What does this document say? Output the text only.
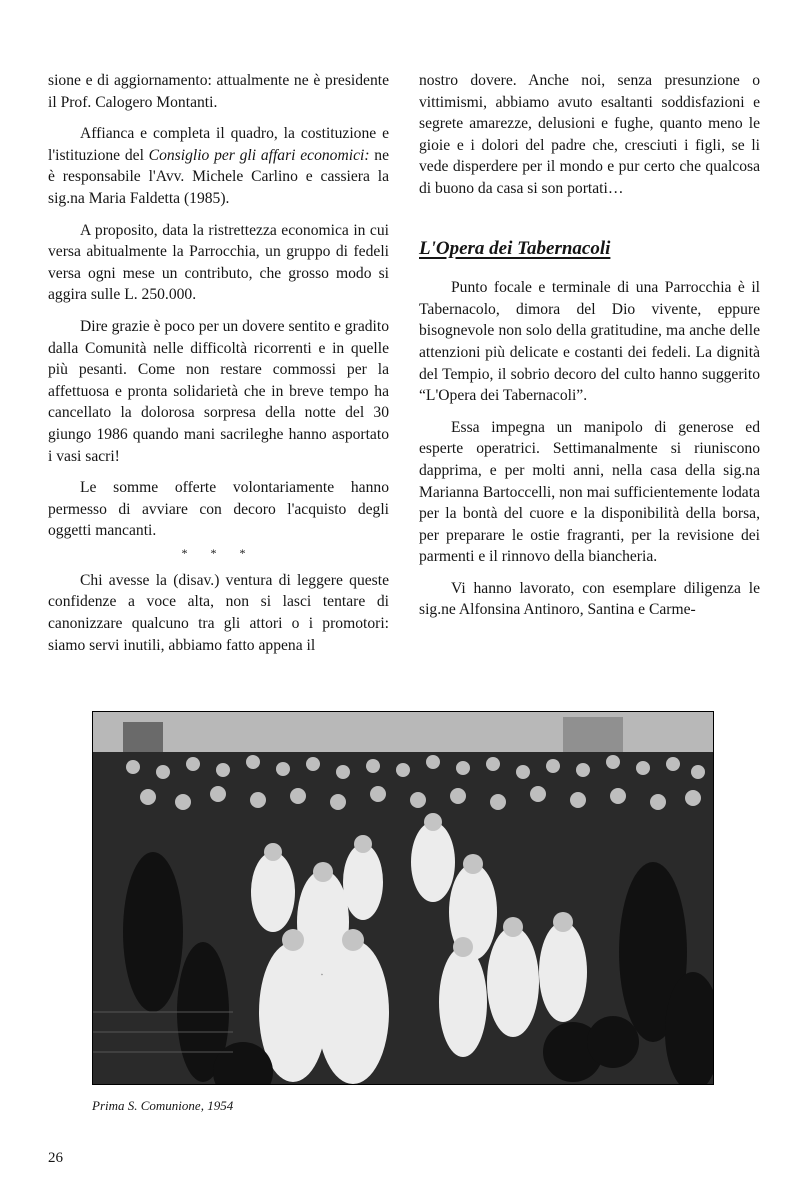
sione e di aggiornamento: attualmente ne è presidente il Prof. Calogero Montanti.

Affianca e completa il quadro, la costituzione e l'istituzione del Consiglio per gli affari economici: ne è responsabile l'Avv. Michele Carlino e cassiera la sig.na Maria Faldetta (1985).

A proposito, data la ristrettezza economica in cui versa abitualmente la Parrocchia, un gruppo di fedeli versa ogni mese un contributo, che grosso modo si aggira sulle L. 250.000.

Dire grazie è poco per un dovere sentito e gradito dalla Comunità nelle difficoltà ricorrenti e in quelle più pesanti. Come non restare commossi per la affettuosa e pronta solidarietà che in breve tempo ha cancellato la dolorosa sorpresa della notte del 30 giungo 1986 quando mani sacrileghe hanno asportato i vasi sacri!

Le somme offerte volontariamente hanno permesso di avviare con decoro l'acquisto degli oggetti mancanti.

* * *

Chi avesse la (disav.) ventura di leggere queste confidenze a voce alta, non si lasci tentare di canonizzare qualcuno tra gli attori o i promotori: siamo servi inutili, abbiamo fatto appena il

nostro dovere. Anche noi, senza presunzione o vittimismi, abbiamo avuto esaltanti soddisfazioni e segrete amarezze, delusioni e fughe, quanto meno le gioie e i dolori del padre che, cresciuti i figli, se li vede disperdere per il mondo e pur certo che qualcosa di buono da casa si son portati…

L'Opera dei Tabernacoli

Punto focale e terminale di una Parrocchia è il Tabernacolo, dimora del Dio vivente, eppure bisognevole non solo della gratitudine, ma anche delle attenzioni più delicate e costanti dei fedeli. La dignità del Tempio, il sobrio decoro del culto hanno suggerito “L'Opera dei Tabernacoli”.

Essa impegna un manipolo di generose ed esperte operatrici. Settimanalmente si riuniscono dapprima, e per molti anni, nella casa della sig.na Marianna Bartoccelli, non mai sufficientemente lodata per la bontà del cuore e la disponibilità della borsa, per preparare le ostie fragranti, per la revisione dei parmenti e il rinnovo della biancheria.

Vi hanno lavorato, con esemplare diligenza le sig.ne Alfonsina Antinoro, Santina e Carme-

Prima S. Comunione, 1954
26
